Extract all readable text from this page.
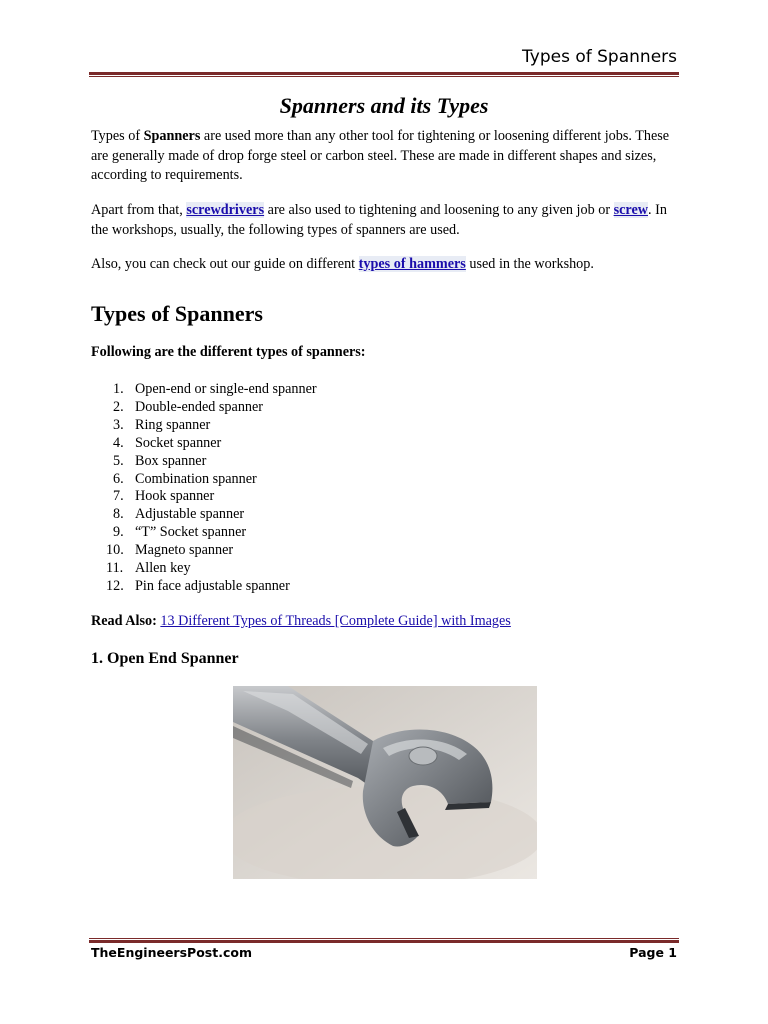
Types of Spanners
Spanners and its Types

Types of Spanners are used more than any other tool for tightening or loosening different jobs. These are generally made of drop forge steel or carbon steel. These are made in different shapes and sizes, according to requirements.

Apart from that, screwdrivers are also used to tightening and loosening to any given job or screw. In the workshops, usually, the following types of spanners are used.

Also, you can check out our guide on different types of hammers used in the workshop.

Types of Spanners
Following are the different types of spanners:
1. Open-end or single-end spanner
2. Double-ended spanner
3. Ring spanner
4. Socket spanner
5. Box spanner
6. Combination spanner
7. Hook spanner
8. Adjustable spanner
9. “T” Socket spanner
10. Magneto spanner
11. Allen key
12. Pin face adjustable spanner
Read Also: 13 Different Types of Threads [Complete Guide] with Images
1. Open End Spanner
TheEngineersPost.com	Page 1
